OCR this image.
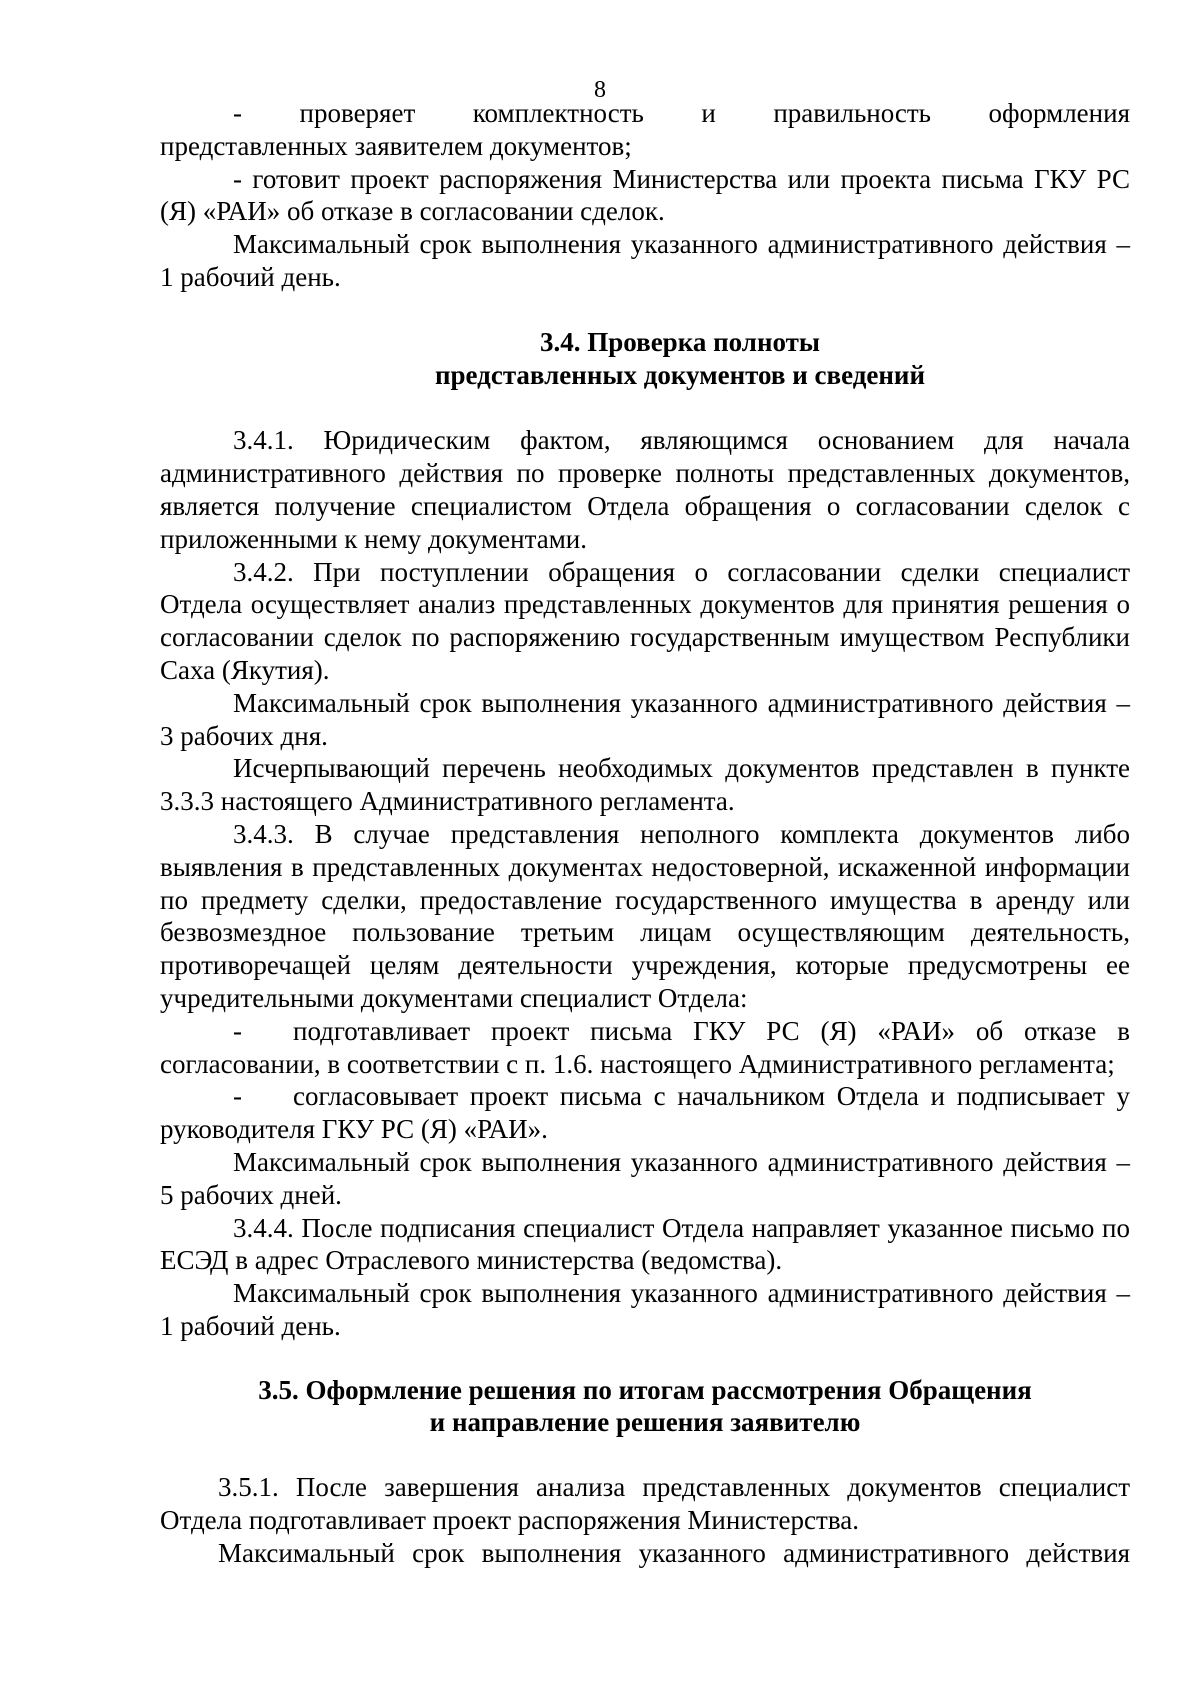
8

- проверяет комплектность и правильность оформления

представленных заявителем документов;

- готовит проект распоряжения Министерства или проекта письма ГКУ РС (Я) «РАИ» об отказе в согласовании сделок.

Максимальный срок выполнения указанного административного действия – 1 рабочий день.

3.4. Проверка полноты
представленных документов и сведений

3.4.1. Юридическим фактом, являющимся основанием для начала административного действия по проверке полноты представленных документов, является получение специалистом Отдела обращения о согласовании сделок с приложенными к нему документами.

3.4.2. При поступлении обращения о согласовании сделки специалист Отдела осуществляет анализ представленных документов для принятия решения о согласовании сделок по распоряжению государственным имуществом Республики Саха (Якутия).

Максимальный срок выполнения указанного административного действия – 3 рабочих дня.

Исчерпывающий перечень необходимых документов представлен в пункте 3.3.3 настоящего Административного регламента.

3.4.3. В случае представления неполного комплекта документов либо выявления в представленных документах недостоверной, искаженной информации по предмету сделки, предоставление государственного имущества в аренду или безвозмездное пользование третьим лицам осуществляющим деятельность, противоречащей целям деятельности учреждения, которые предусмотрены ее учредительными документами специалист Отдела:

- подготавливает проект письма ГКУ РС (Я) «РАИ» об отказе в согласовании, в соответствии с п. 1.6. настоящего Административного регламента;

- согласовывает проект письма с начальником Отдела и подписывает у руководителя ГКУ РС (Я) «РАИ».

Максимальный срок выполнения указанного административного действия – 5 рабочих дней.

3.4.4. После подписания специалист Отдела направляет указанное письмо по ЕСЭД в адрес Отраслевого министерства (ведомства).

Максимальный срок выполнения указанного административного действия – 1 рабочий день.

3.5. Оформление решения по итогам рассмотрения Обращения
и направление решения заявителю

3.5.1. После завершения анализа представленных документов специалист Отдела подготавливает проект распоряжения Министерства.

Максимальный срок выполнения указанного административного действия
